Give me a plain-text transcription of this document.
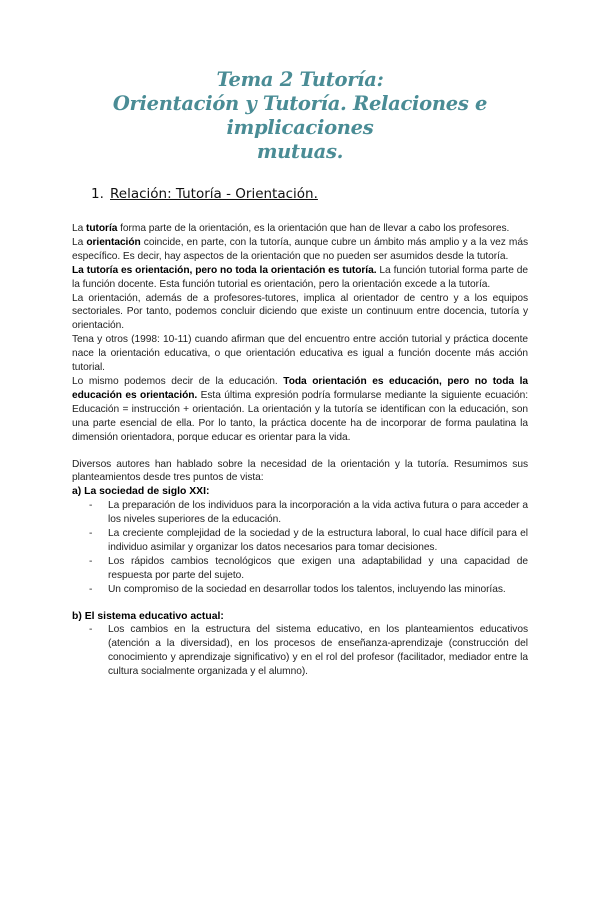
Tema 2 Tutoría:
Orientación y Tutoría. Relaciones e implicaciones
mutuas.
1. Relación: Tutoría - Orientación.

La tutoría forma parte de la orientación, es la orientación que han de llevar a cabo los profesores.

La orientación coincide, en parte, con la tutoría, aunque cubre un ámbito más amplio y a la vez más específico. Es decir, hay aspectos de la orientación que no pueden ser asumidos desde la tutoría.

La tutoría es orientación, pero no toda la orientación es tutoría. La función tutorial forma parte de la función docente. Esta función tutorial es orientación, pero la orientación excede a la tutoría.

La orientación, además de a profesores-tutores, implica al orientador de centro y a los equipos sectoriales. Por tanto, podemos concluir diciendo que existe un continuum entre docencia, tutoría y orientación.

Tena y otros (1998: 10-11) cuando afirman que del encuentro entre acción tutorial y práctica docente nace la orientación educativa, o que orientación educativa es igual a función docente más acción tutorial.

Lo mismo podemos decir de la educación. Toda orientación es educación, pero no toda la educación es orientación. Esta última expresión podría formularse mediante la siguiente ecuación: Educación = instrucción + orientación. La orientación y la tutoría se identifican con la educación, son una parte esencial de ella. Por lo tanto, la práctica docente ha de incorporar de forma paulatina la dimensión orientadora, porque educar es orientar para la vida.

Diversos autores han hablado sobre la necesidad de la orientación y la tutoría. Resumimos sus planteamientos desde tres puntos de vista:

a) La sociedad de siglo XXI:

- La preparación de los individuos para la incorporación a la vida activa futura o para acceder a los niveles superiores de la educación.
- La creciente complejidad de la sociedad y de la estructura laboral, lo cual hace difícil para el individuo asimilar y organizar los datos necesarios para tomar decisiones.
- Los rápidos cambios tecnológicos que exigen una adaptabilidad y una capacidad de respuesta por parte del sujeto.
- Un compromiso de la sociedad en desarrollar todos los talentos, incluyendo las minorías.

b) El sistema educativo actual:

- Los cambios en la estructura del sistema educativo, en los planteamientos educativos (atención a la diversidad), en los procesos de enseñanza-aprendizaje (construcción del conocimiento y aprendizaje significativo) y en el rol del profesor (facilitador, mediador entre la cultura socialmente organizada y el alumno).
